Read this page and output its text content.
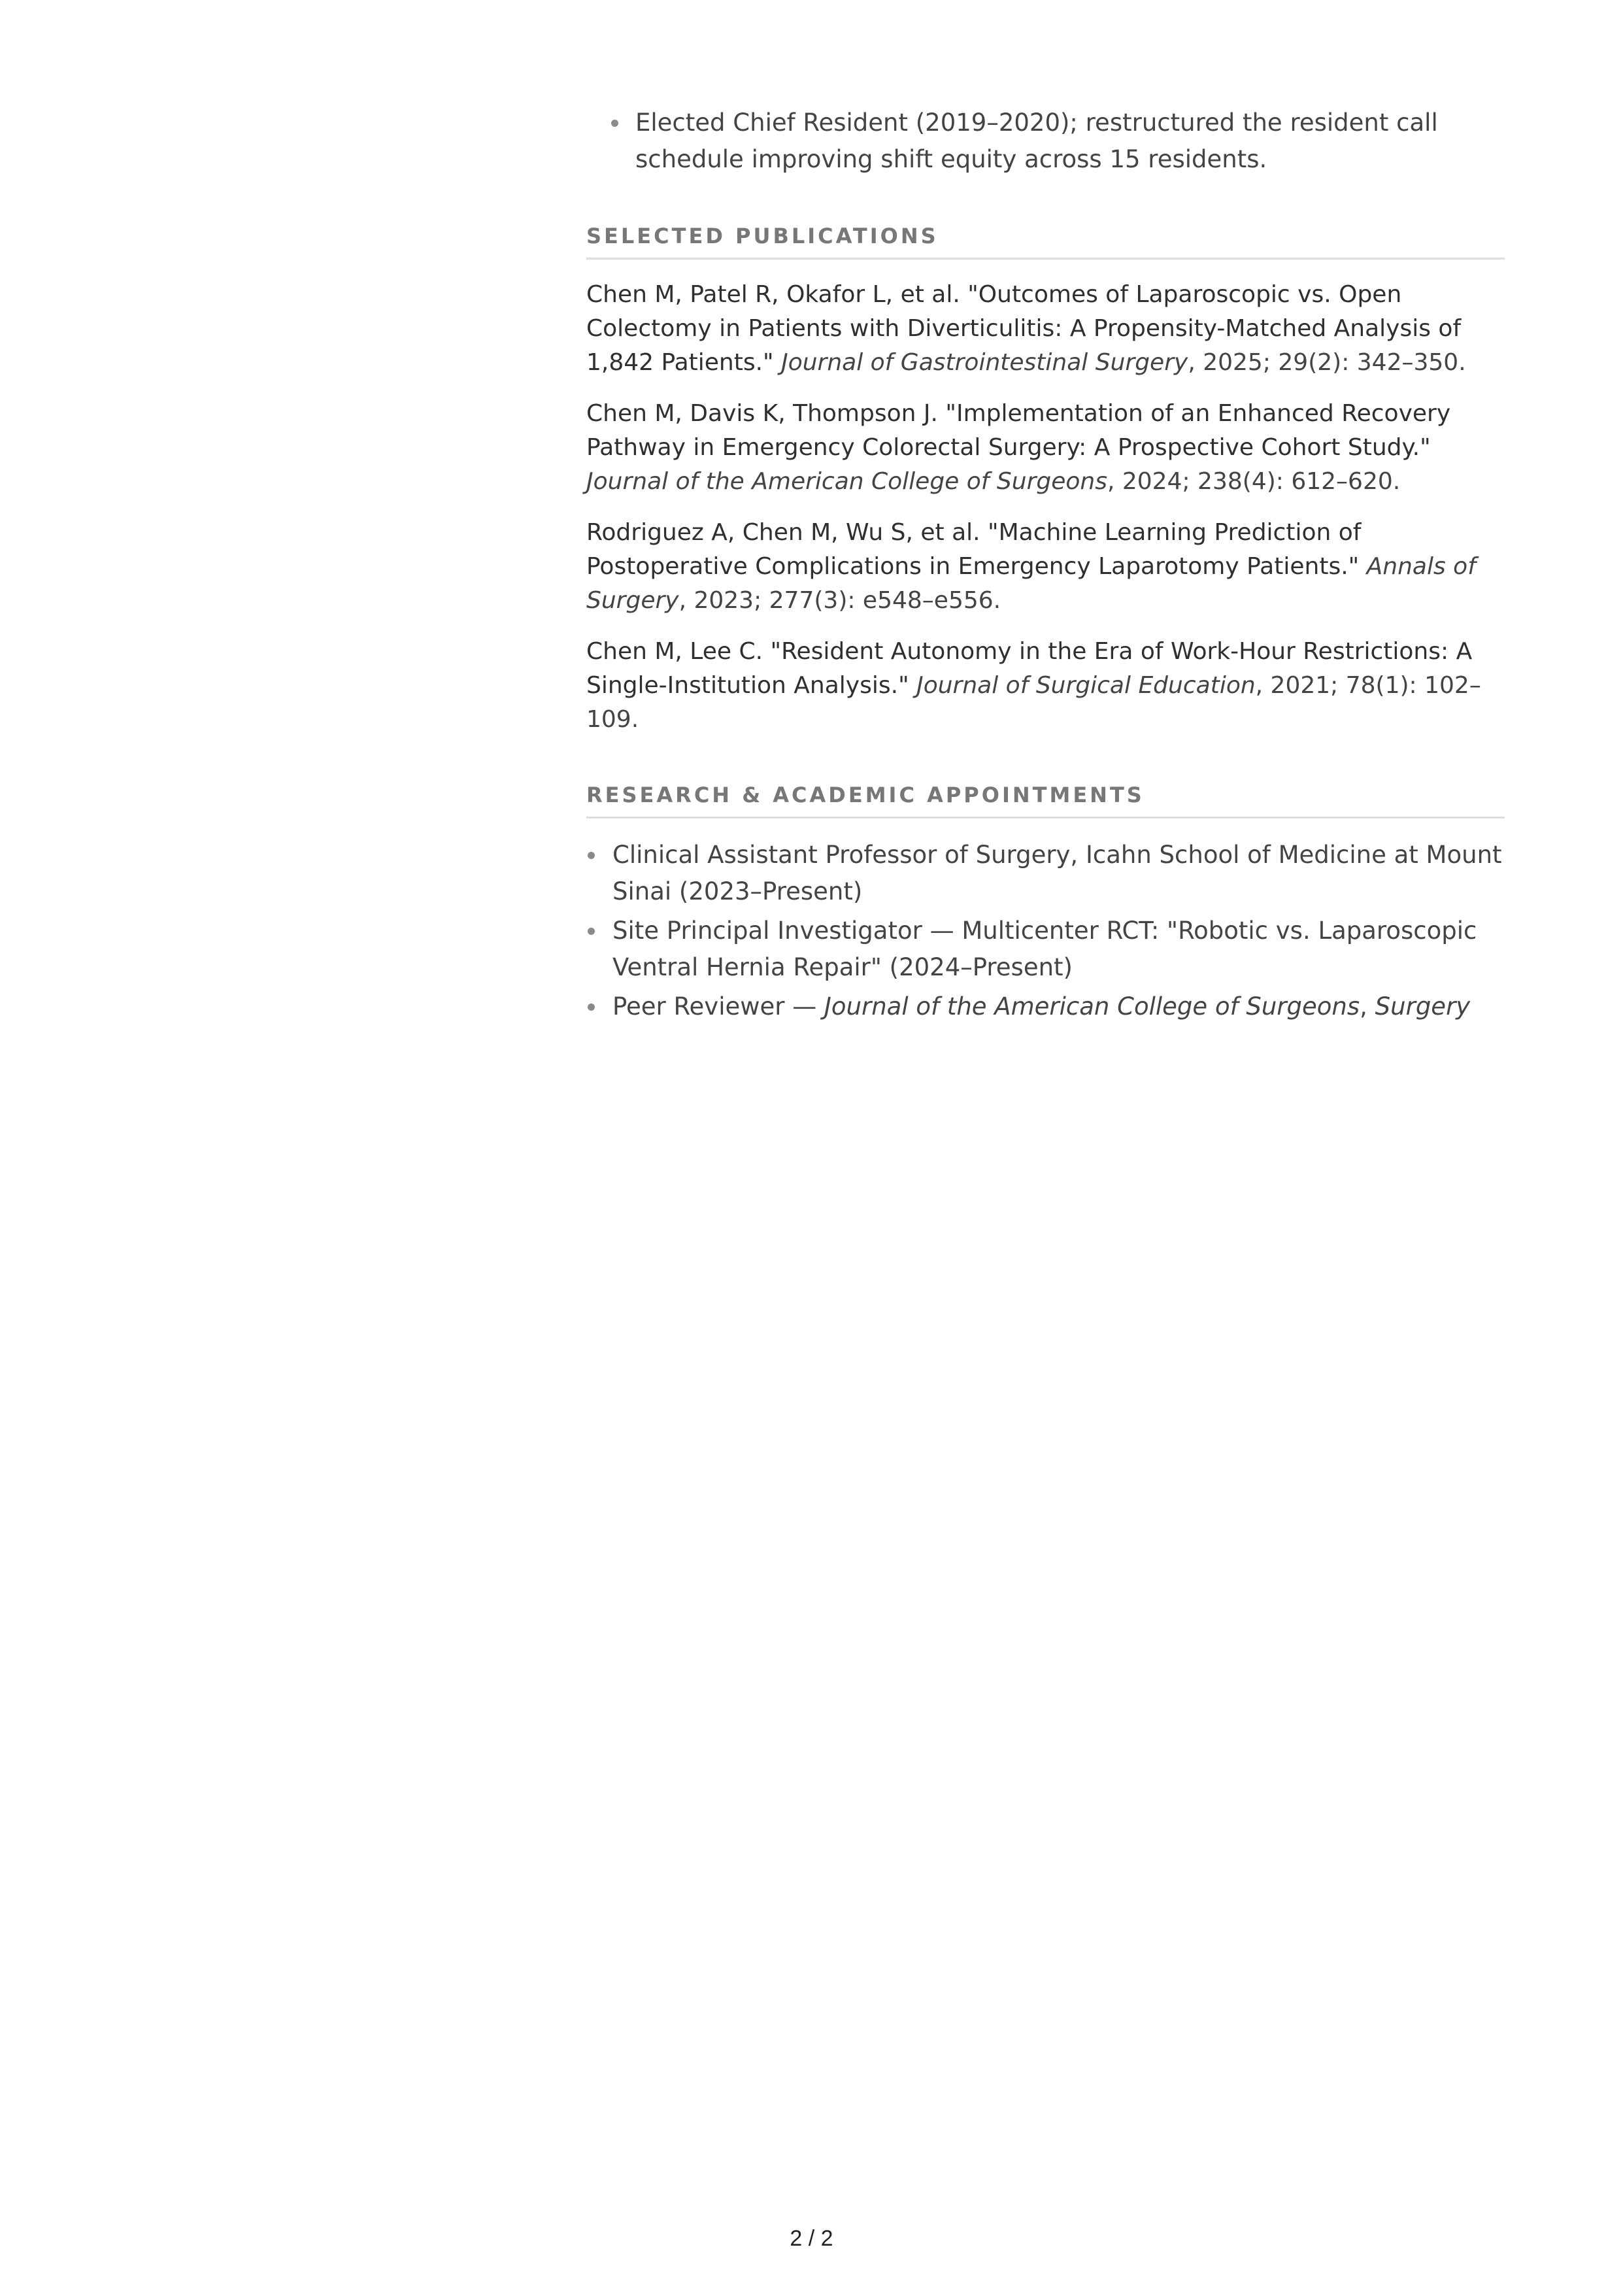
Elected Chief Resident (2019–2020); restructured the resident call schedule improving shift equity across 15 residents.
SELECTED PUBLICATIONS

Chen M, Patel R, Okafor L, et al. "Outcomes of Laparoscopic vs. Open Colectomy in Patients with Diverticulitis: A Propensity-Matched Analysis of 1,842 Patients." Journal of Gastrointestinal Surgery, 2025; 29(2): 342–350.

Chen M, Davis K, Thompson J. "Implementation of an Enhanced Recovery Pathway in Emergency Colorectal Surgery: A Prospective Cohort Study." Journal of the American College of Surgeons, 2024; 238(4): 612–620.

Rodriguez A, Chen M, Wu S, et al. "Machine Learning Prediction of Postoperative Complications in Emergency Laparotomy Patients." Annals of Surgery, 2023; 277(3): e548–e556.

Chen M, Lee C. "Resident Autonomy in the Era of Work-Hour Restrictions: A Single-Institution Analysis." Journal of Surgical Education, 2021; 78(1): 102–109.

RESEARCH & ACADEMIC APPOINTMENTS
Clinical Assistant Professor of Surgery, Icahn School of Medicine at Mount Sinai (2023–Present)
Site Principal Investigator — Multicenter RCT: "Robotic vs. Laparoscopic Ventral Hernia Repair" (2024–Present)
Peer Reviewer — Journal of the American College of Surgeons, Surgery
2 / 2
